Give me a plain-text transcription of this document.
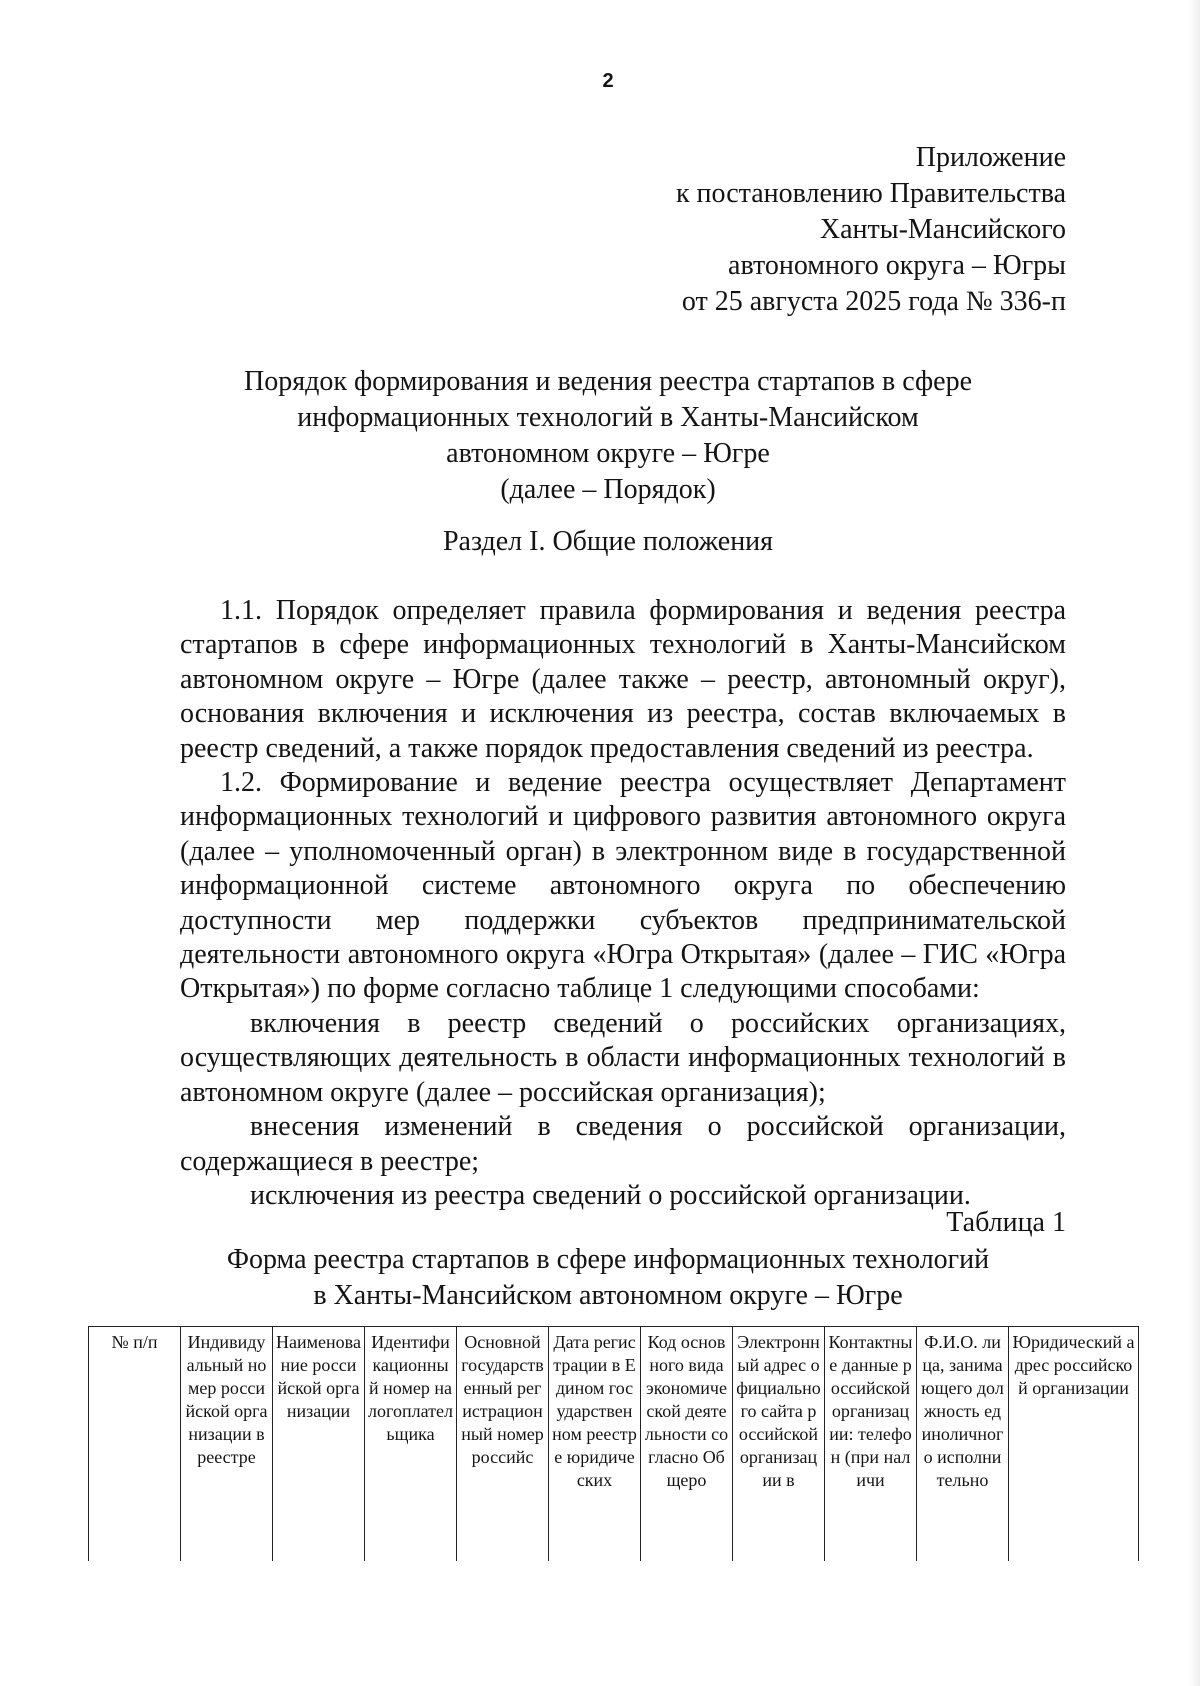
2
Приложение
к постановлению Правительства
Ханты-Мансийского
автономного округа – Югры
от 25 августа 2025 года № 336-п
Порядок формирования и ведения реестра стартапов в сфере
информационных технологий в Ханты-Мансийском
автономном округе – Югре
(далее – Порядок)
Раздел I. Общие положения

1.1. Порядок определяет правила формирования и ведения реестра стартапов в сфере информационных технологий в Ханты-Мансийском автономном округе – Югре (далее также – реестр, автономный округ), основания включения и исключения из реестра, состав включаемых в реестр сведений, а также порядок предоставления сведений из реестра.

1.2. Формирование и ведение реестра осуществляет Департамент информационных технологий и цифрового развития автономного округа (далее – уполномоченный орган) в электронном виде в государственной информационной системе автономного округа по обеспечению доступности мер поддержки субъектов предпринимательской деятельности автономного округа «Югра Открытая» (далее – ГИС «Югра Открытая») по форме согласно таблице 1 следующими способами:

включения в реестр сведений о российских организациях, осуществляющих деятельность в области информационных технологий в автономном округе (далее – российская организация);

внесения изменений в сведения о российской организации, содержащиеся в реестре;

исключения из реестра сведений о российской организации.

Таблица 1
Форма реестра стартапов в сфере информационных технологий
в Ханты-Мансийском автономном округе – Югре
№ п/п	Индивидуальный номер российской организации в реестре	Наименование российской организации	Идентификационный номер налогоплательщика	Основной государственный регистрационный номер российс	Дата регистрации в Едином государственном реестре юридических	Код основного вида экономической деятельности согласно Общеро	Электронный адрес официального сайта российской организации в	Контактные данные российской организации: телефон (при наличи	Ф.И.О. лица, занимающего должность единоличного исполнительно	Юридический адрес российской организации
